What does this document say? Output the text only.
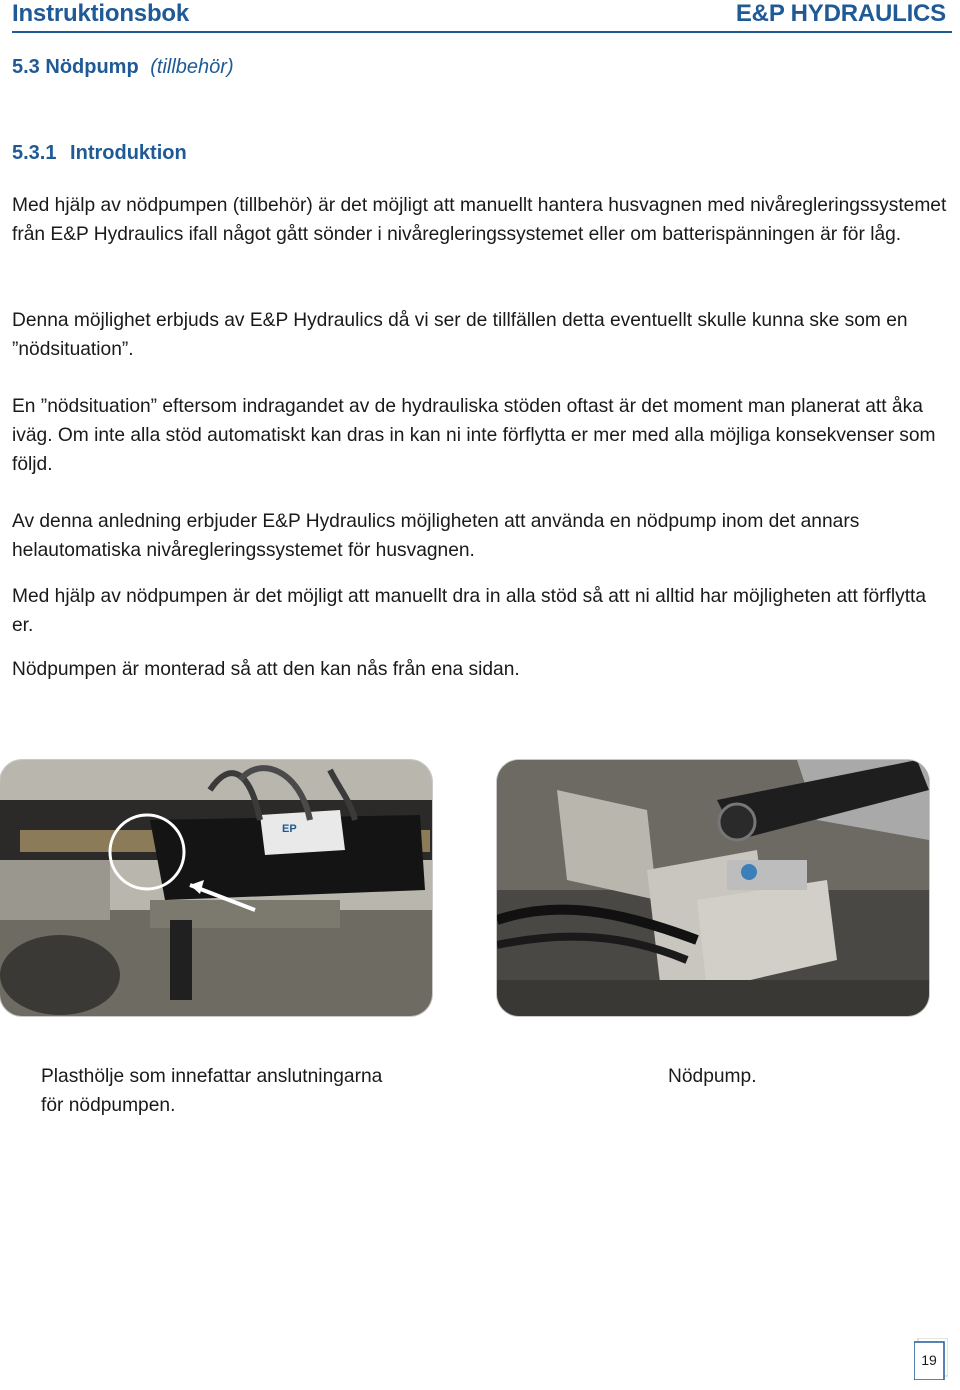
Instruktionsbok	E&P HYDRAULICS
5.3 Nödpump (tillbehör)
5.3.1 Introduktion

Med hjälp av nödpumpen (tillbehör) är det möjligt att manuellt hantera husvagnen med nivåregleringssystemet från E&P Hydraulics ifall något gått sönder i nivåregleringssystemet eller om batterispänningen är för låg.

Denna möjlighet erbjuds av E&P Hydraulics då vi ser de tillfällen detta eventuellt skulle kunna ske som en ”nödsituation”.

En ”nödsituation” eftersom indragandet av de hydrauliska stöden oftast är det moment man planerat att åka iväg. Om inte alla stöd automatiskt kan dras in kan ni inte förflytta er mer med alla möjliga konsekvenser som följd.

Av denna anledning erbjuder E&P Hydraulics möjligheten att använda en nödpump inom det annars helautomatiska nivåregleringssystemet för husvagnen.

Med hjälp av nödpumpen är det möjligt att manuellt dra in alla stöd så att ni alltid har möjligheten att förflytta er.

Nödpumpen är monterad så att den kan nås från ena sidan.

EP
Plasthölje som innefattar anslutningarna
för nödpumpen.
Nödpump.
19
